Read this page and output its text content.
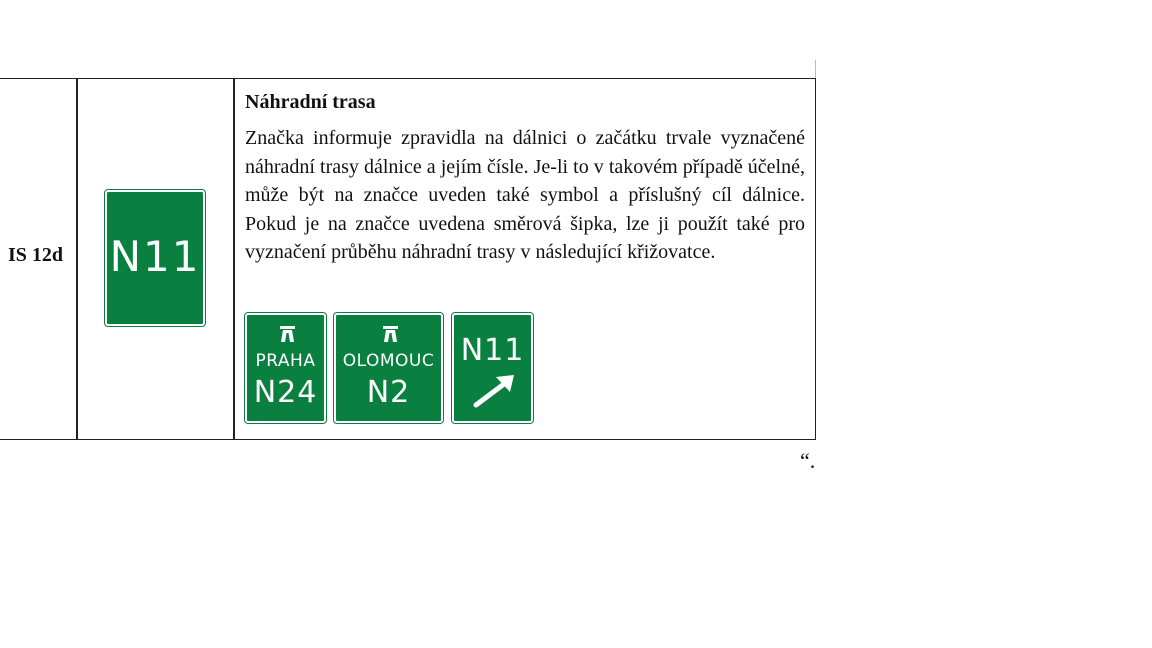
IS 12d N11

Náhradní trasa

Značka informuje zpravidla na dálnici o začátku trvale vyznačené náhradní trasy dálnice a jejím čísle. Je-li to v takovém případě účelné, může být na značce uveden také symbol a příslušný cíl dálnice. Pokud je na značce uvedena směrová šipka, lze ji použít také pro vyznačení průběhu náhradní trasy v následující křižovatce.

PRAHA
N24
OLOMOUC
N2
N11
“.
